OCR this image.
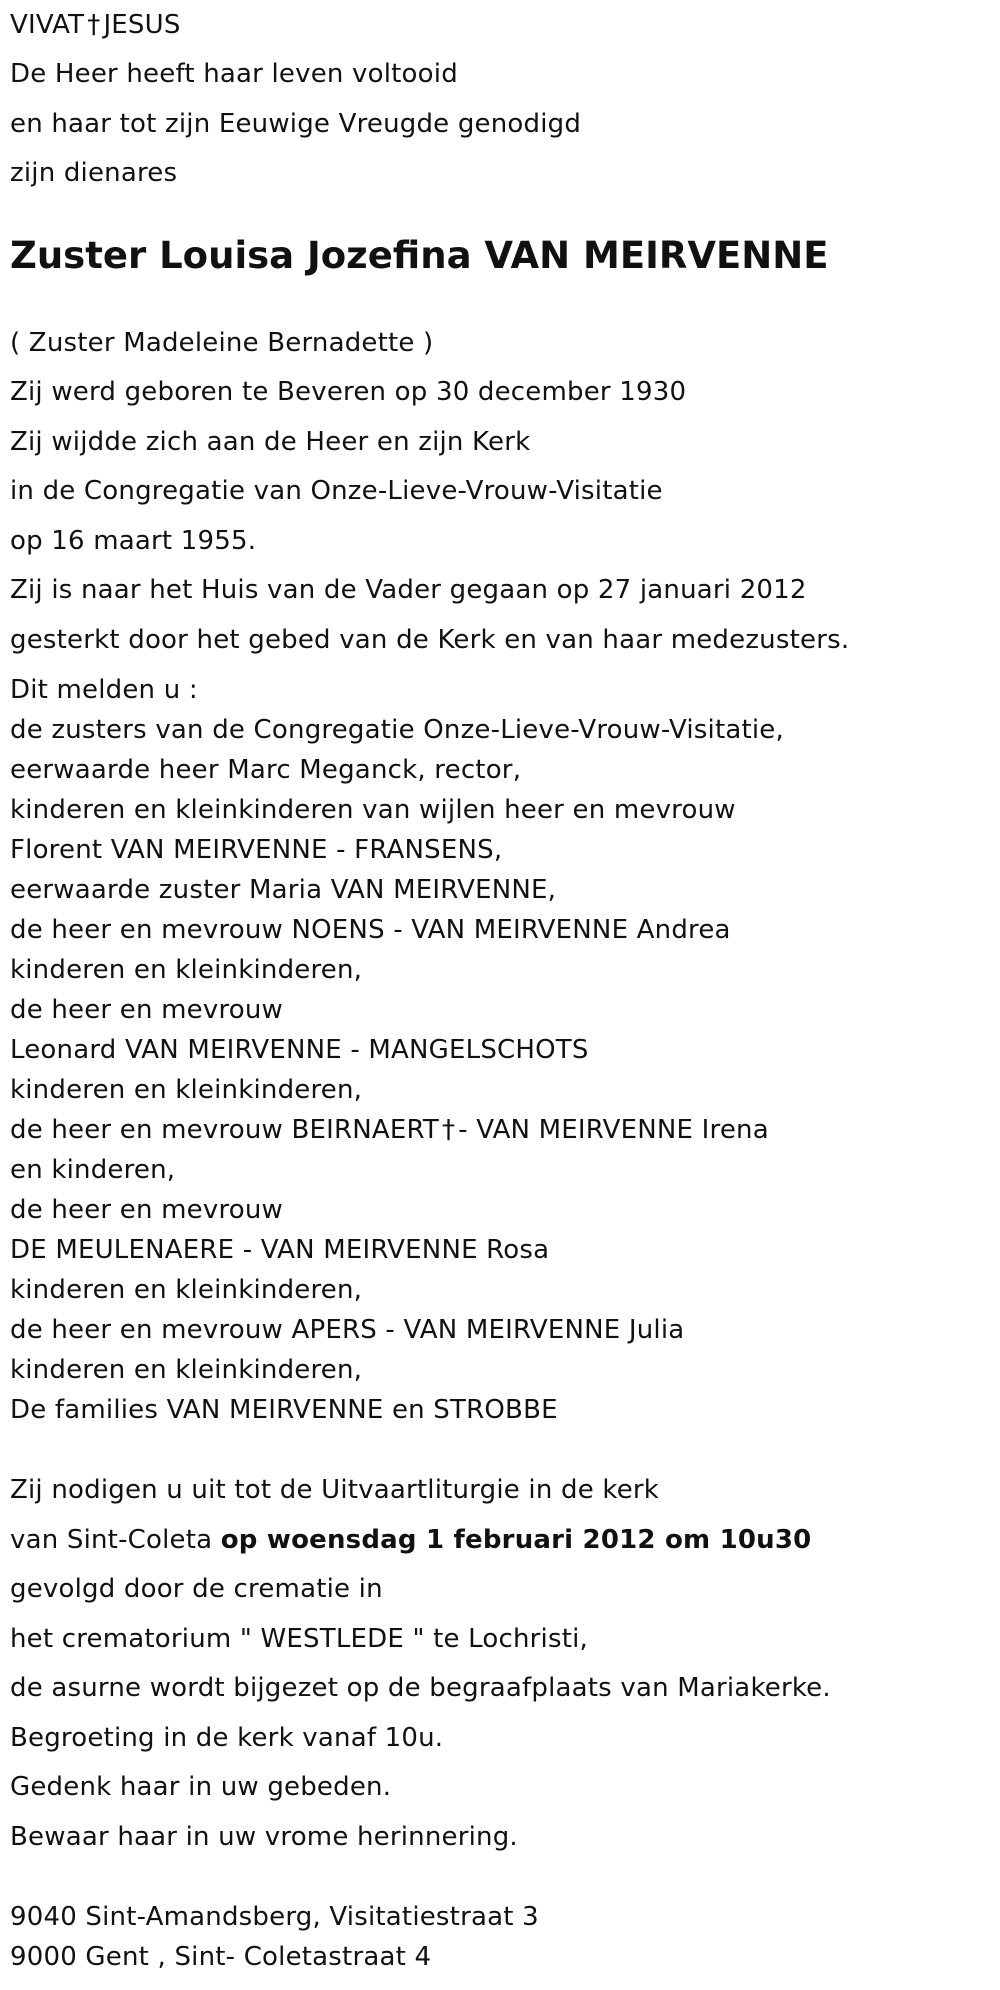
VIVAT † JESUS
De Heer heeft haar leven voltooid
en haar tot zijn Eeuwige Vreugde genodigd
zijn dienares
Zuster Louisa Jozefina VAN MEIRVENNE
( Zuster Madeleine Bernadette )
Zij werd geboren te Beveren op 30 december 1930
Zij wijdde zich aan de Heer en zijn Kerk
in de Congregatie van Onze-Lieve-Vrouw-Visitatie
op 16 maart 1955.
Zij is naar het Huis van de Vader gegaan op 27 januari 2012
gesterkt door het gebed van de Kerk en van haar medezusters.
Dit melden u :
de zusters van de Congregatie Onze-Lieve-Vrouw-Visitatie,
eerwaarde heer Marc Meganck, rector,
kinderen en kleinkinderen van wijlen heer en mevrouw
Florent VAN MEIRVENNE - FRANSENS,
eerwaarde zuster Maria VAN MEIRVENNE,
de heer en mevrouw NOENS - VAN MEIRVENNE Andrea
kinderen en kleinkinderen,
de heer en mevrouw
Leonard VAN MEIRVENNE - MANGELSCHOTS
kinderen en kleinkinderen,
de heer en mevrouw BEIRNAERT † - VAN MEIRVENNE Irena
en kinderen,
de heer en mevrouw
DE MEULENAERE - VAN MEIRVENNE Rosa
kinderen en kleinkinderen,
de heer en mevrouw APERS - VAN MEIRVENNE Julia
kinderen en kleinkinderen,
De families VAN MEIRVENNE en STROBBE
Zij nodigen u uit tot de Uitvaartliturgie in de kerk
van Sint-Coleta op woensdag 1 februari 2012 om 10u30
gevolgd door de crematie in
het crematorium " WESTLEDE " te Lochristi,
de asurne wordt bijgezet op de begraafplaats van Mariakerke.
Begroeting in de kerk vanaf 10u.
Gedenk haar in uw gebeden.
Bewaar haar in uw vrome herinnering.
9040 Sint-Amandsberg, Visitatiestraat 3
9000 Gent , Sint- Coletastraat 4
